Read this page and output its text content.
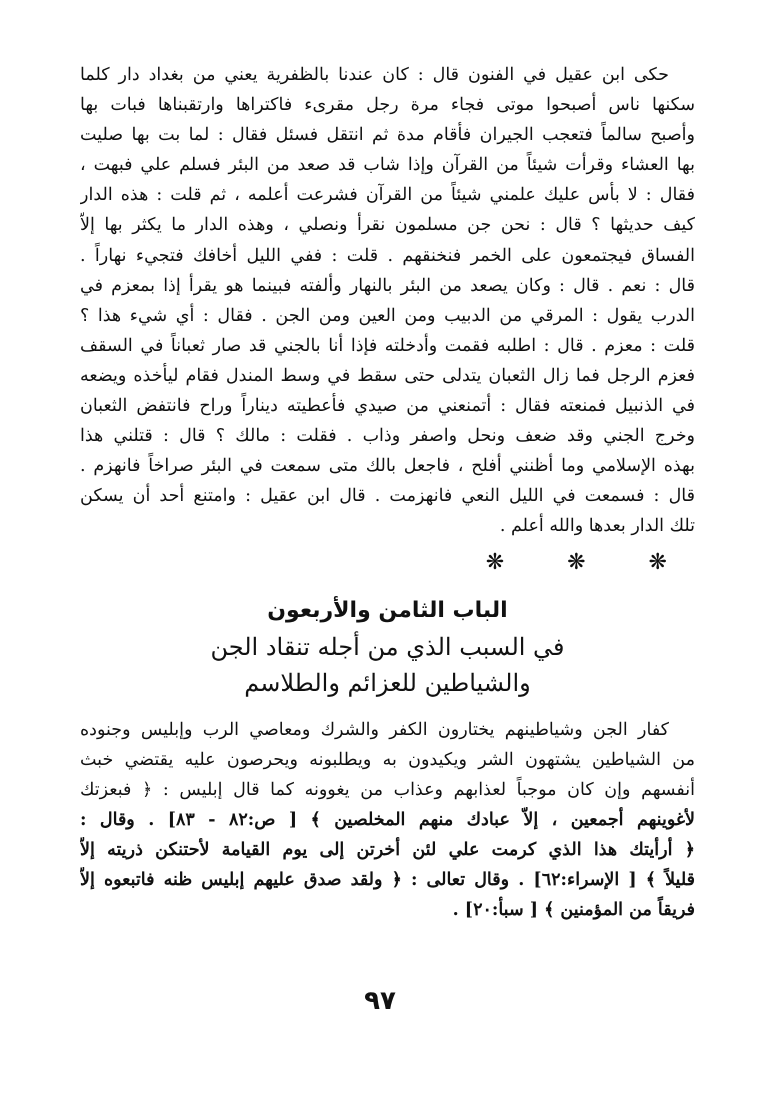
حكى ابن عقيل في الفنون قال : كان عندنا بالظفرية يعني من بغداد دار كلما
سكنها ناس أصبحوا موتى فجاء مرة رجل مقرىء فاكتراها وارتقبناها فبات بها
وأصبح سالماً فتعجب الجيران فأقام مدة ثم انتقل فسئل فقال : لما بت بها صليت
بها العشاء وقرأت شيئاً من القرآن وإذا شاب قد صعد من البئر فسلم علي فبهت ،
فقال : لا بأس عليك علمني شيئاً من القرآن فشرعت أعلمه ، ثم قلت : هذه الدار
كيف حديثها ؟ قال : نحن جن مسلمون نقرأ ونصلي ، وهذه الدار ما يكثر بها إلاّ
الفساق فيجتمعون على الخمر فنخنقهم . قلت : ففي الليل أخافك فتجيء نهاراً .
قال : نعم . قال : وكان يصعد من البئر بالنهار وألفته فبينما هو يقرأ إذا بمعزم في
الدرب يقول : المرقي من الدبيب ومن العين ومن الجن . فقال : أي شيء هذا ؟
قلت : معزم . قال : اطلبه فقمت وأدخلته فإذا أنا بالجني قد صار ثعباناً في السقف
فعزم الرجل فما زال الثعبان يتدلى حتى سقط في وسط المندل فقام ليأخذه ويضعه
في الذنبيل فمنعته فقال : أتمنعني من صيدي فأعطيته ديناراً وراح فانتفض الثعبان
وخرج الجني وقد ضعف ونحل واصفر وذاب . فقلت : مالك ؟ قال : قتلني هذا
بهذه الإسلامي وما أظنني أفلح ، فاجعل بالك متى سمعت في البئر صراخاً فانهزم .
قال : فسمعت في الليل النعي فانهزمت . قال ابن عقيل : وامتنع أحد أن يسكن
تلك الدار بعدها والله أعلم .
❋ ❋ ❋

الباب الثامن والأربعون

في السبب الذي من أجله تنقاد الجن

والشياطين للعزائم والطلاسم

كفار الجن وشياطينهم يختارون الكفر والشرك ومعاصي الرب وإبليس وجنوده
من الشياطين يشتهون الشر ويكيدون به ويطلبونه ويحرصون عليه يقتضي خبث
أنفسهم وإن كان موجباً لعذابهم وعذاب من يغوونه كما قال إبليس : ﴿ فبعزتك
لأغوينهم أجمعين ، إلاّ عبادك منهم المخلصين ﴾ [ ص:٨٢ - ٨٣] . وقال :
﴿ أرأيتك هذا الذي كرمت علي لئن أخرتن إلى يوم القيامة لأحتنكن ذريته إلاّ
قليلاً ﴾ [ الإسراء:٦٢] . وقال تعالى : ﴿ ولقد صدق عليهم إبليس ظنه فاتبعوه إلاّ
فريقاً من المؤمنين ﴾ [ سبأ:٢٠] .
٩٧
